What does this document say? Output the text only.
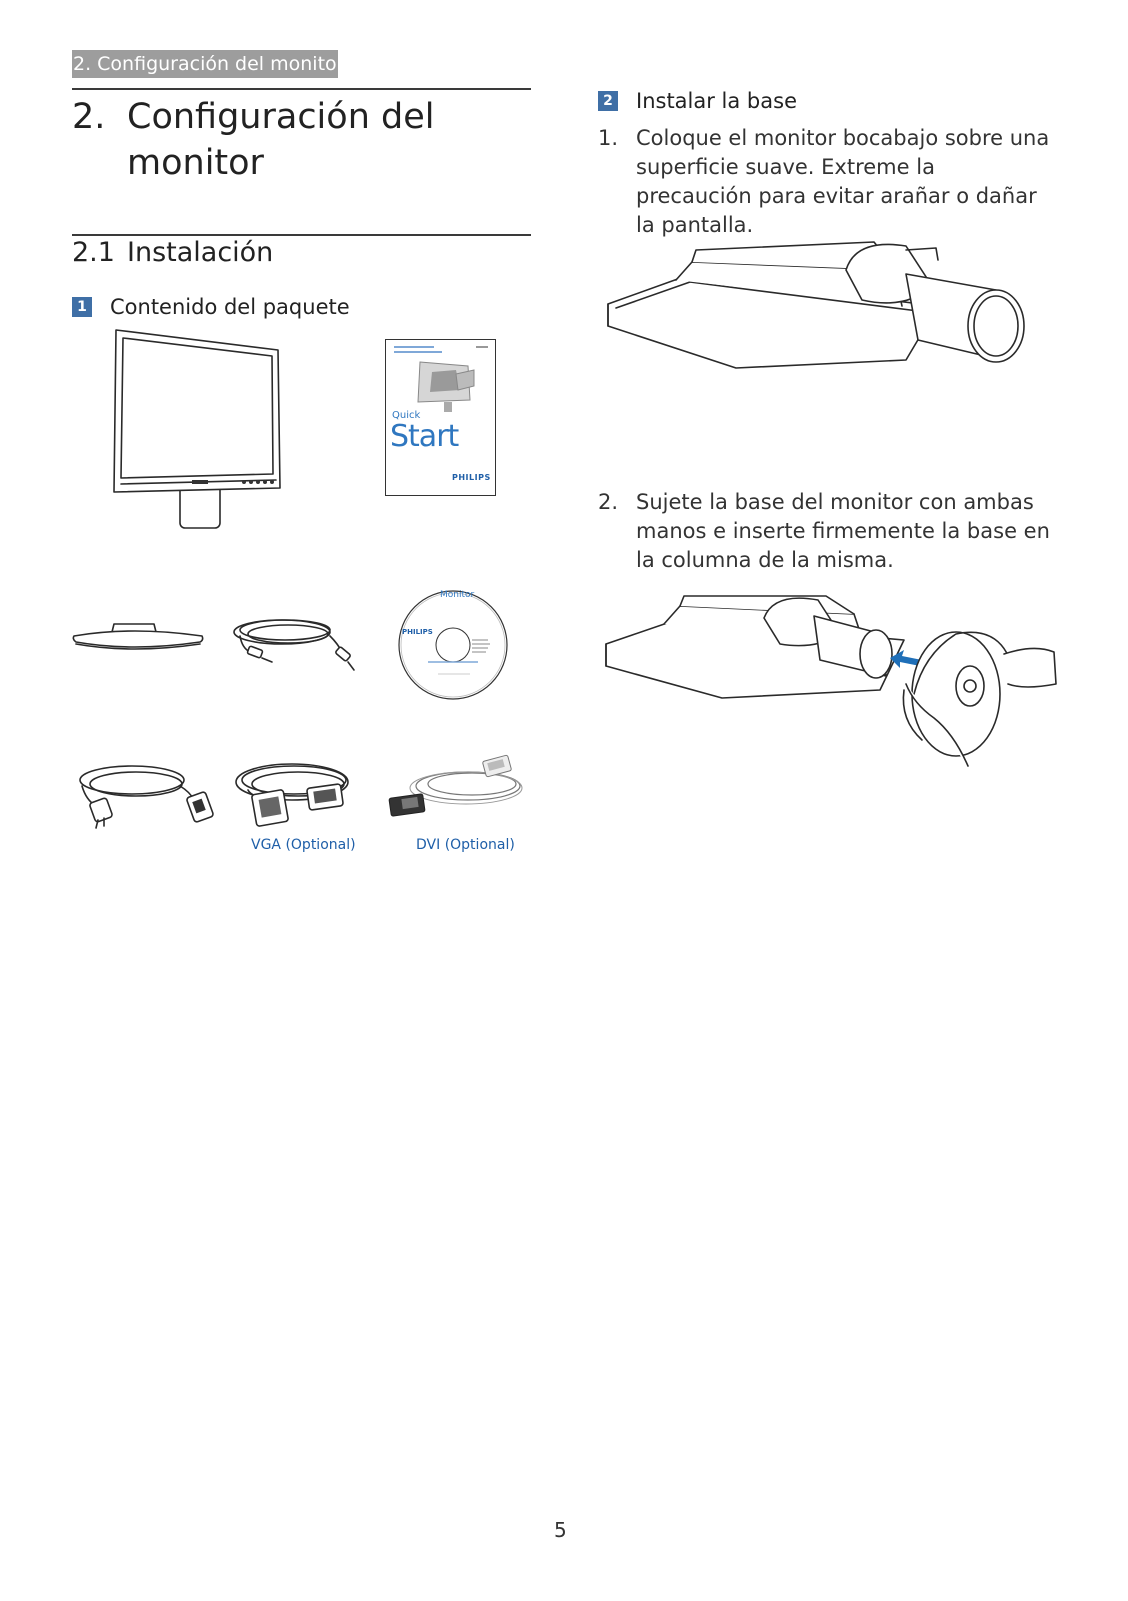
2. Configuración del monitor
2. Configuración del monitor
2.1 Instalación
1 Contenido del paquete
Quick
Start
PHILIPS
Monitor
PHILIPS
VGA (Optional)	DVI (Optional)
2 Instalar la base
1. Coloque el monitor bocabajo sobre una superficie suave. Extreme la precaución para evitar arañar o dañar la pantalla.
2. Sujete la base del monitor con ambas manos e inserte firmemente la base en la columna de la misma.
5
